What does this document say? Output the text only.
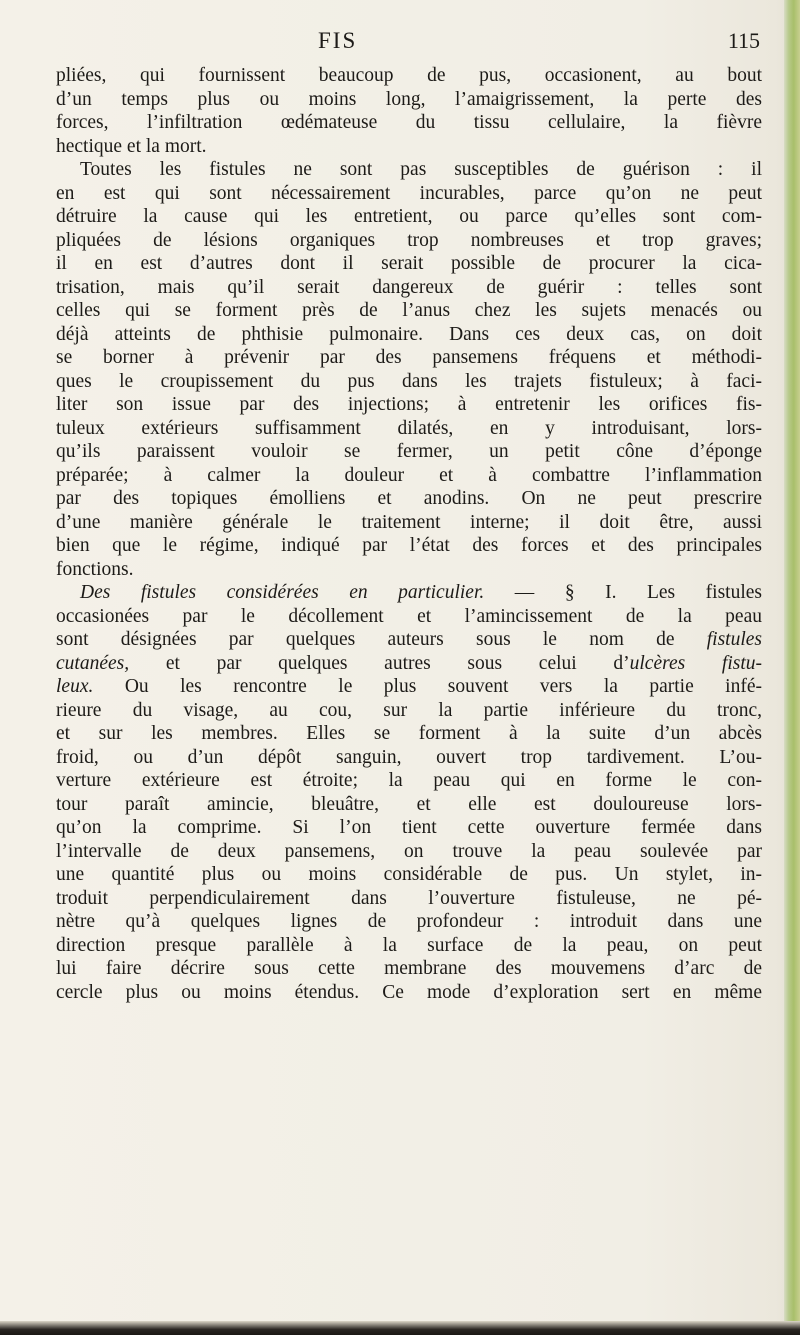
FIS	115
pliées, qui fournissent beaucoup de pus, occasionent, au bout
d’un temps plus ou moins long, l’amaigrissement, la perte des
forces, l’infiltration œdémateuse du tissu cellulaire, la fièvre
hectique et la mort.
Toutes les fistules ne sont pas susceptibles de guérison : il
en est qui sont nécessairement incurables, parce qu’on ne peut
détruire la cause qui les entretient, ou parce qu’elles sont com-
pliquées de lésions organiques trop nombreuses et trop graves;
il en est d’autres dont il serait possible de procurer la cica-
trisation, mais qu’il serait dangereux de guérir : telles sont
celles qui se forment près de l’anus chez les sujets menacés ou
déjà atteints de phthisie pulmonaire. Dans ces deux cas, on doit
se borner à prévenir par des pansemens fréquens et méthodi-
ques le croupissement du pus dans les trajets fistuleux; à faci-
liter son issue par des injections; à entretenir les orifices fis-
tuleux extérieurs suffisamment dilatés, en y introduisant, lors-
qu’ils paraissent vouloir se fermer, un petit cône d’éponge
préparée; à calmer la douleur et à combattre l’inflammation
par des topiques émolliens et anodins. On ne peut prescrire
d’une manière générale le traitement interne; il doit être, aussi
bien que le régime, indiqué par l’état des forces et des principales
fonctions.
Des fistules considérées en particulier. — § I. Les fistules
occasionées par le décollement et l’amincissement de la peau
sont désignées par quelques auteurs sous le nom de fistules
cutanées, et par quelques autres sous celui d’ulcères fistu-
leux. Ou les rencontre le plus souvent vers la partie infé-
rieure du visage, au cou, sur la partie inférieure du tronc,
et sur les membres. Elles se forment à la suite d’un abcès
froid, ou d’un dépôt sanguin, ouvert trop tardivement. L’ou-
verture extérieure est étroite; la peau qui en forme le con-
tour paraît amincie, bleuâtre, et elle est douloureuse lors-
qu’on la comprime. Si l’on tient cette ouverture fermée dans
l’intervalle de deux pansemens, on trouve la peau soulevée par
une quantité plus ou moins considérable de pus. Un stylet, in-
troduit perpendiculairement dans l’ouverture fistuleuse, ne pé-
nètre qu’à quelques lignes de profondeur : introduit dans une
direction presque parallèle à la surface de la peau, on peut
lui faire décrire sous cette membrane des mouvemens d’arc de
cercle plus ou moins étendus. Ce mode d’exploration sert en même
